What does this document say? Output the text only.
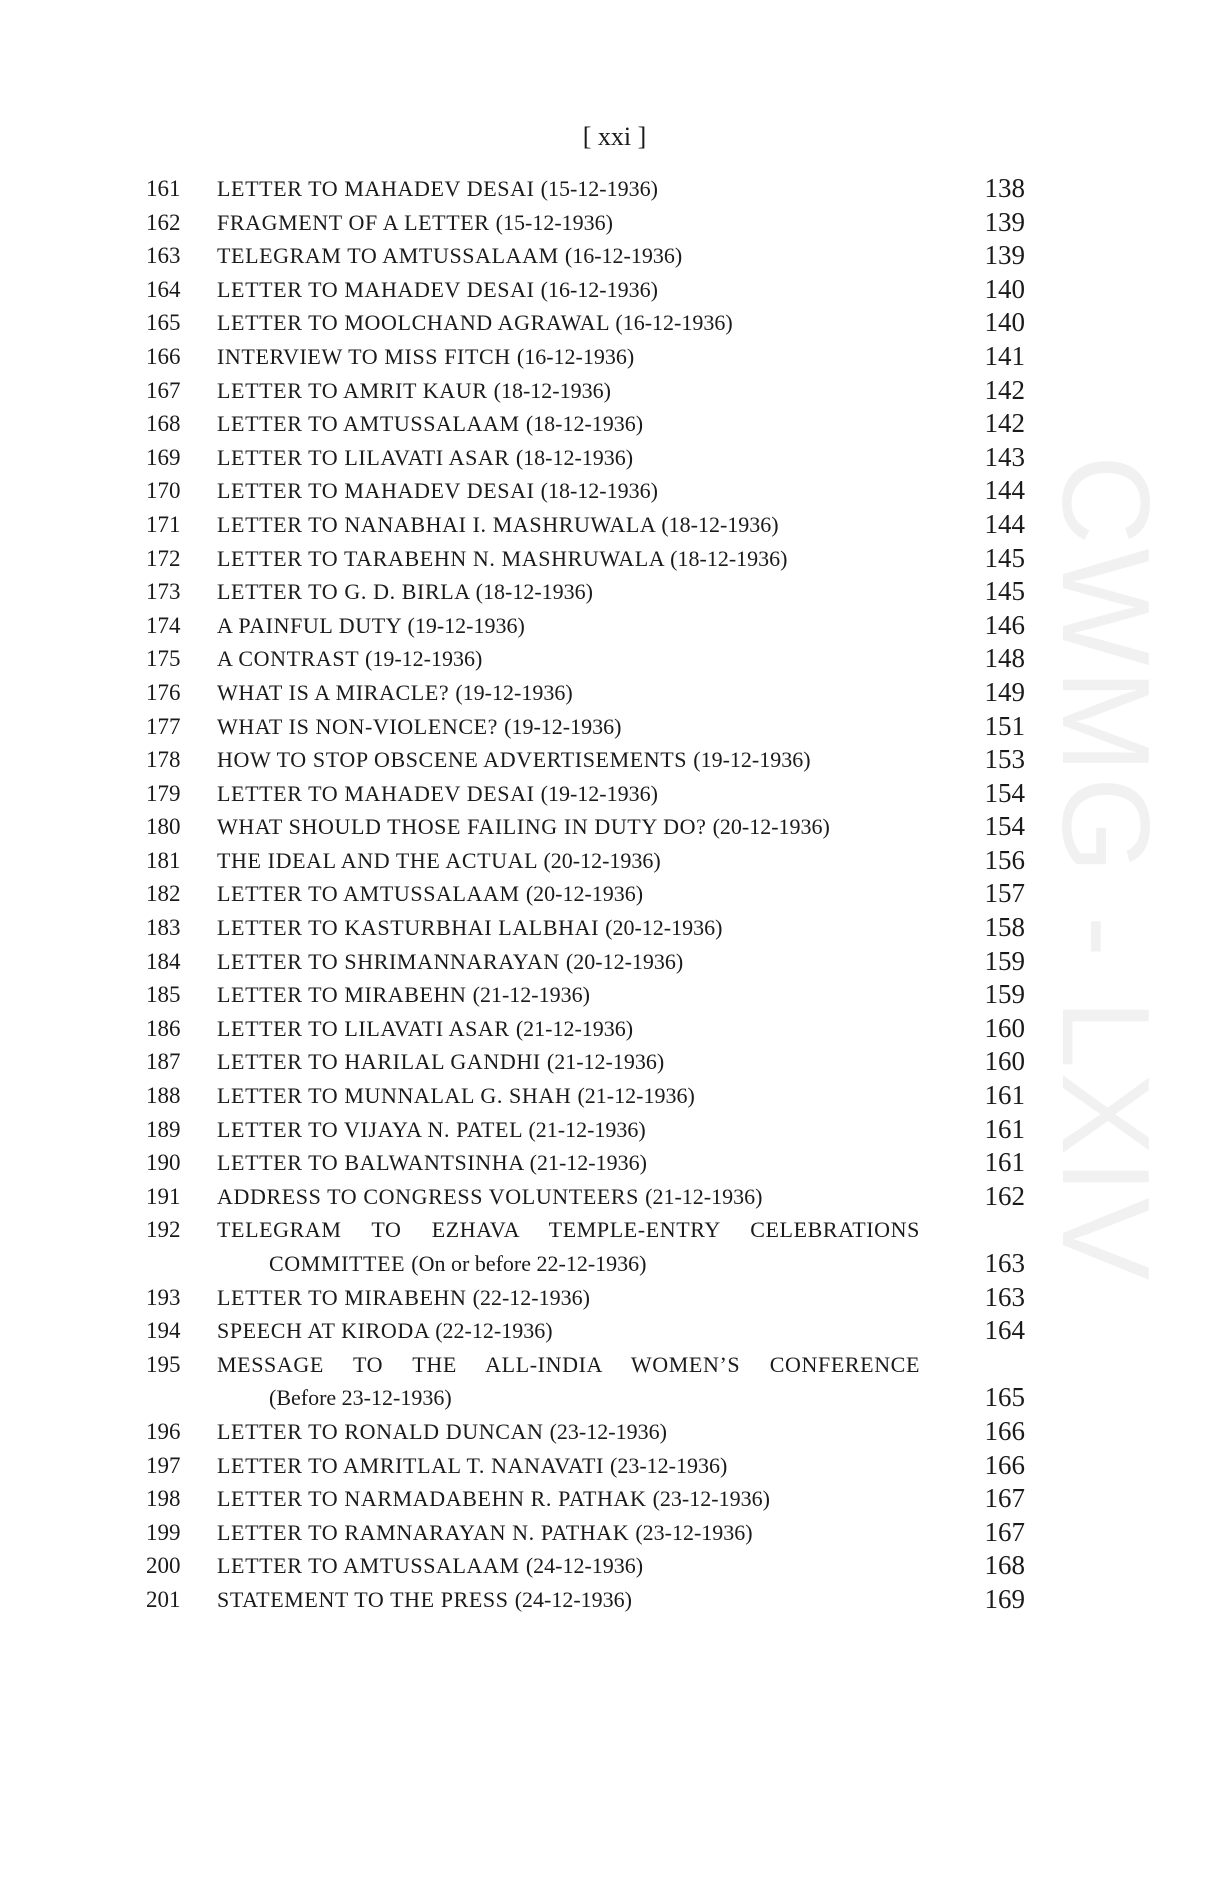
[ xxi ]
CWMG - LXIV
161 LETTER TO MAHADEV DESAI (15-12-1936)	138
162 FRAGMENT OF A LETTER (15-12-1936)	139
163 TELEGRAM TO AMTUSSALAAM (16-12-1936)	139
164 LETTER TO MAHADEV DESAI (16-12-1936)	140
165 LETTER TO MOOLCHAND AGRAWAL (16-12-1936)	140
166 INTERVIEW TO MISS FITCH (16-12-1936)	141
167 LETTER TO AMRIT KAUR (18-12-1936)	142
168 LETTER TO AMTUSSALAAM (18-12-1936)	142
169 LETTER TO LILAVATI ASAR (18-12-1936)	143
170 LETTER TO MAHADEV DESAI (18-12-1936)	144
171 LETTER TO NANABHAI I. MASHRUWALA (18-12-1936)	144
172 LETTER TO TARABEHN N. MASHRUWALA (18-12-1936)	145
173 LETTER TO G. D. BIRLA (18-12-1936)	145
174 A PAINFUL DUTY (19-12-1936)	146
175 A CONTRAST (19-12-1936)	148
176 WHAT IS A MIRACLE? (19-12-1936)	149
177 WHAT IS NON-VIOLENCE? (19-12-1936)	151
178 HOW TO STOP OBSCENE ADVERTISEMENTS (19-12-1936)	153
179 LETTER TO MAHADEV DESAI (19-12-1936)	154
180 WHAT SHOULD THOSE FAILING IN DUTY DO? (20-12-1936)	154
181 THE IDEAL AND THE ACTUAL (20-12-1936)	156
182 LETTER TO AMTUSSALAAM (20-12-1936)	157
183 LETTER TO KASTURBHAI LALBHAI (20-12-1936)	158
184 LETTER TO SHRIMANNARAYAN (20-12-1936)	159
185 LETTER TO MIRABEHN (21-12-1936)	159
186 LETTER TO LILAVATI ASAR (21-12-1936)	160
187 LETTER TO HARILAL GANDHI (21-12-1936)	160
188 LETTER TO MUNNALAL G. SHAH (21-12-1936)	161
189 LETTER TO VIJAYA N. PATEL (21-12-1936)	161
190 LETTER TO BALWANTSINHA (21-12-1936)	161
191 ADDRESS TO CONGRESS VOLUNTEERS (21-12-1936)	162
192 TELEGRAM TO EZHAVA TEMPLE-ENTRY CELEBRATIONS
COMMITTEE (On or before 22-12-1936)	163
193 LETTER TO MIRABEHN (22-12-1936)	163
194 SPEECH AT KIRODA (22-12-1936)	164
195 MESSAGE TO THE ALL-INDIA WOMEN’S CONFERENCE
(Before 23-12-1936)	165
196 LETTER TO RONALD DUNCAN (23-12-1936)	166
197 LETTER TO AMRITLAL T. NANAVATI (23-12-1936)	166
198 LETTER TO NARMADABEHN R. PATHAK (23-12-1936)	167
199 LETTER TO RAMNARAYAN N. PATHAK (23-12-1936)	167
200 LETTER TO AMTUSSALAAM (24-12-1936)	168
201 STATEMENT TO THE PRESS (24-12-1936)	169
